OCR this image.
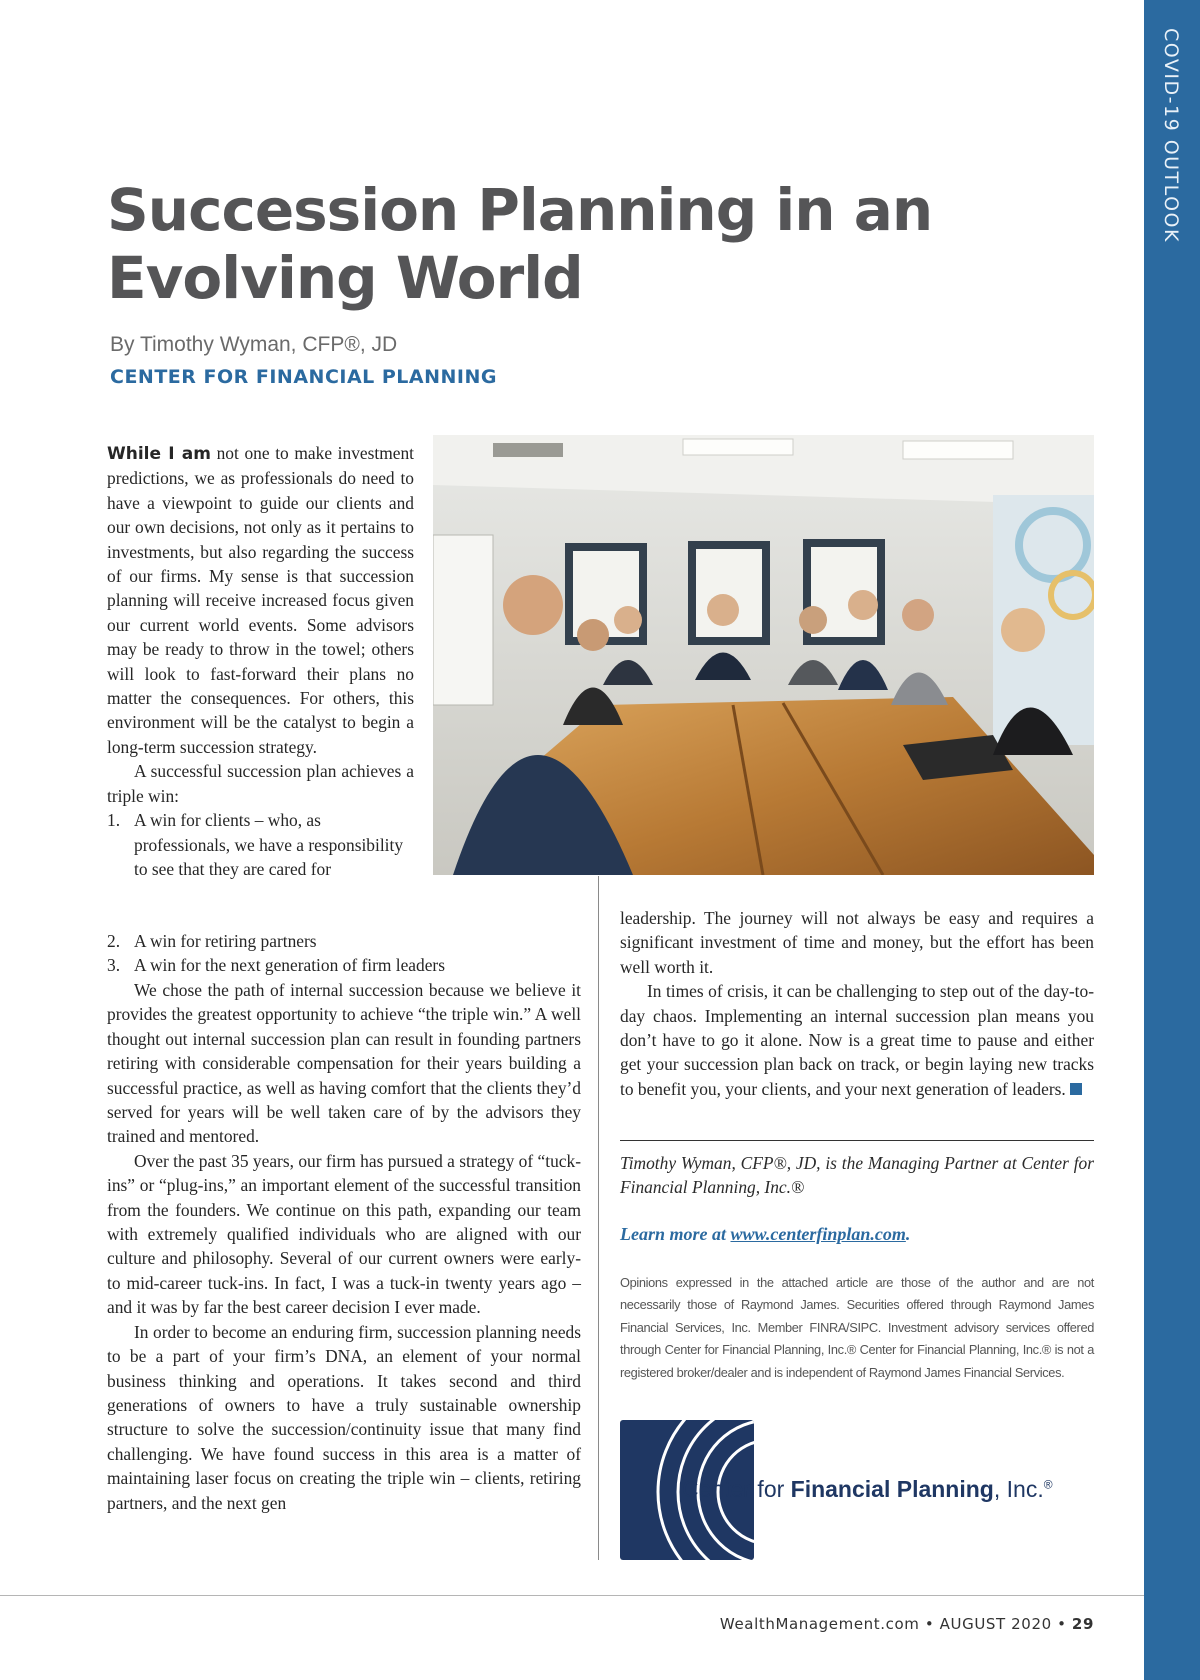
COVID-19 OUTLOOK
Succession Planning in an
Evolving World
By Timothy Wyman, CFP®, JD
CENTER FOR FINANCIAL PLANNING

While I am not one to make investment predictions, we as professionals do need to have a viewpoint to guide our clients and our own decisions, not only as it pertains to investments, but also regarding the success of our firms. My sense is that succession planning will receive increased focus given our current world events. Some advisors may be ready to throw in the towel; others will look to fast-forward their plans no matter the consequences. For others, this environment will be the catalyst to begin a long-term succession strategy.

A successful succession plan achieves a triple win:

1. A win for clients – who, as professionals, we have a responsibility to see that they are cared for
2. A win for retiring partners
3. A win for the next generation of firm leaders

We chose the path of internal succession because we believe it provides the greatest opportunity to achieve “the triple win.” A well thought out internal succession plan can result in founding partners retiring with considerable compensation for their years building a successful practice, as well as having comfort that the clients they’d served for years will be well taken care of by the advisors they trained and mentored.

Over the past 35 years, our firm has pursued a strategy of “tuck-ins” or “plug-ins,” an important element of the successful transition from the founders. We continue on this path, expanding our team with extremely qualified individuals who are aligned with our culture and philosophy. Several of our current owners were early- to mid-career tuck-ins. In fact, I was a tuck-in twenty years ago – and it was by far the best career decision I ever made.

In order to become an enduring firm, succession planning needs to be a part of your firm’s DNA, an element of your normal business thinking and operations. It takes second and third generations of owners to have a truly sustainable ownership structure to solve the succession/continuity issue that many find challenging. We have found success in this area is a matter of maintaining laser focus on creating the triple win – clients, retiring partners, and the next gen

leadership. The journey will not always be easy and requires a significant investment of time and money, but the effort has been well worth it.

In times of crisis, it can be challenging to step out of the day-to-day chaos. Implementing an internal succession plan means you don’t have to go it alone. Now is a great time to pause and either get your succession plan back on track, or begin laying new tracks to benefit you, your clients, and your next generation of leaders.

Timothy Wyman, CFP®, JD, is the Managing Partner at Center for Financial Planning, Inc.®

Learn more at www.centerfinplan.com.

Opinions expressed in the attached article are those of the author and are not necessarily those of Raymond James. Securities offered through Raymond James Financial Services, Inc. Member FINRA/SIPC. Investment advisory services offered through Center for Financial Planning, Inc.® Center for Financial Planning, Inc.® is not a registered broker/dealer and is independent of Raymond James Financial Services.

Center for Financial Planning, Inc.®
WealthManagement.com • AUGUST 2020 • 29
